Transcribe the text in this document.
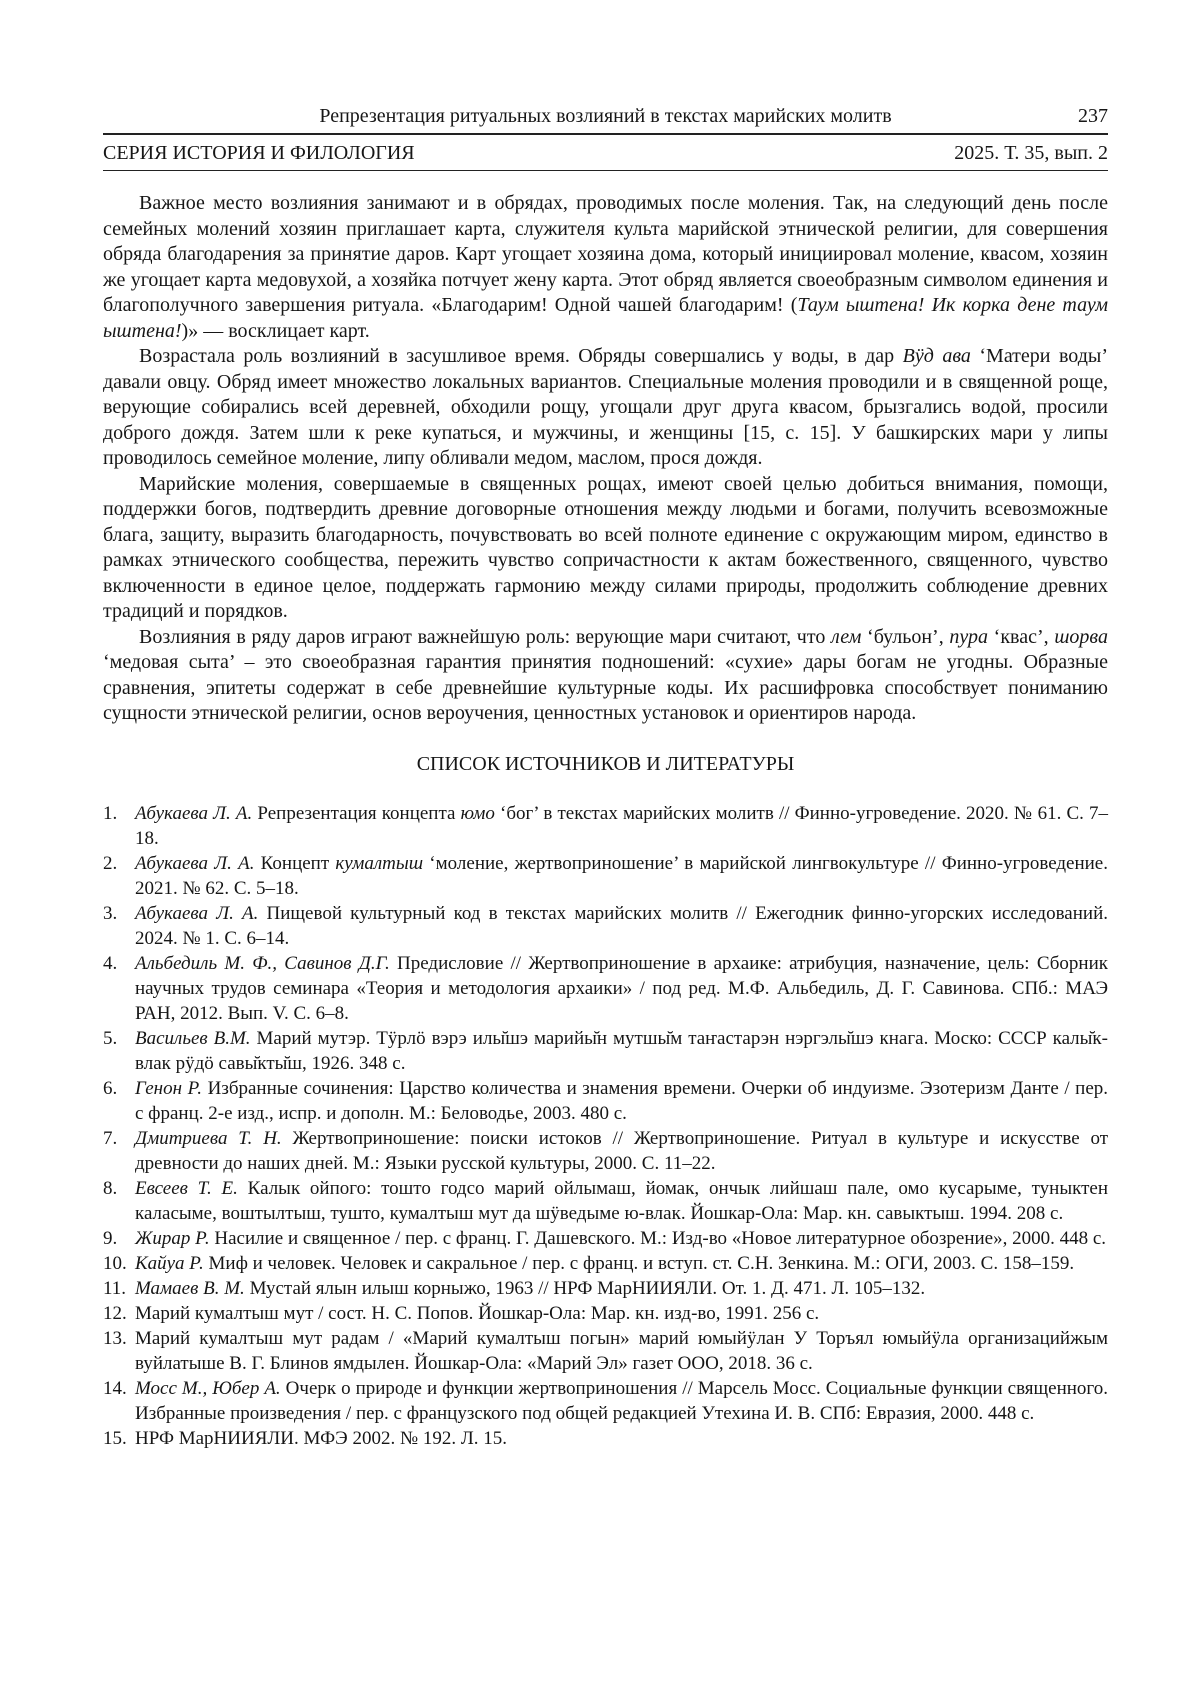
Репрезентация ритуальных возлияний в текстах марийских молитв	237
СЕРИЯ ИСТОРИЯ И ФИЛОЛОГИЯ	2025. Т. 35, вып. 2

Важное место возлияния занимают и в обрядах, проводимых после моления. Так, на следующий день после семейных молений хозяин приглашает карта, служителя культа марийской этнической религии, для совершения обряда благодарения за принятие даров. Карт угощает хозяина дома, который инициировал моление, квасом, хозяин же угощает карта медовухой, а хозяйка потчует жену карта. Этот обряд является своеобразным символом единения и благополучного завершения ритуала. «Благодарим! Одной чашей благодарим! (Таум ыштена! Ик корка дене таум ыштена!)» — восклицает карт.

Возрастала роль возлияний в засушливое время. Обряды совершались у воды, в дар Вӱд ава ‘Матери воды’ давали овцу. Обряд имеет множество локальных вариантов. Специальные моления проводили и в священной роще, верующие собирались всей деревней, обходили рощу, угощали друг друга квасом, брызгались водой, просили доброго дождя. Затем шли к реке купаться, и мужчины, и женщины [15, с. 15]. У башкирских мари у липы проводилось семейное моление, липу обливали медом, маслом, прося дождя.

Марийские моления, совершаемые в священных рощах, имеют своей целью добиться внимания, помощи, поддержки богов, подтвердить древние договорные отношения между людьми и богами, получить всевозможные блага, защиту, выразить благодарность, почувствовать во всей полноте единение с окружающим миром, единство в рамках этнического сообщества, пережить чувство сопричастности к актам божественного, священного, чувство включенности в единое целое, поддержать гармонию между силами природы, продолжить соблюдение древних традиций и порядков.

Возлияния в ряду даров играют важнейшую роль: верующие мари считают, что лем ‘бульон’, пура ‘квас’, шорва ‘медовая сыта’ – это своеобразная гарантия принятия подношений: «сухие» дары богам не угодны. Образные сравнения, эпитеты содержат в себе древнейшие культурные коды. Их расшифровка способствует пониманию сущности этнической религии, основ вероучения, ценностных установок и ориентиров народа.

СПИСОК ИСТОЧНИКОВ И ЛИТЕРАТУРЫ
1. Абукаева Л. А. Репрезентация концепта юмо ‘бог’ в текстах марийских молитв // Финно-угроведение. 2020. № 61. С. 7–18.
2. Абукаева Л. А. Концепт кумалтыш ‘моление, жертвоприношение’ в марийской лингвокультуре // Финно-угроведение. 2021. № 62. С. 5–18.
3. Абукаева Л. А. Пищевой культурный код в текстах марийских молитв // Ежегодник финно-угорских исследований. 2024. № 1. С. 6–14.
4. Альбедиль М. Ф., Савинов Д.Г. Предисловие // Жертвоприношение в архаике: атрибуция, назначение, цель: Сборник научных трудов семинара «Теория и методология архаики» / под ред. М.Ф. Альбедиль, Д. Г. Савинова. СПб.: МАЭ РАН, 2012. Вып. V. С. 6–8.
5. Васильев В.М. Марий мутэр. Тӱрлӧ вэрэ илы̆шэ марийы̆н мутшы̆м таҥастарэн нэргэлы̆шэ кнага. Моско: СССР калы̆к-влак рӱдӧ савы̆кты̆ш, 1926. 348 с.
6. Генон Р. Избранные сочинения: Царство количества и знамения времени. Очерки об индуизме. Эзотеризм Данте / пер. с франц. 2-е изд., испр. и дополн. М.: Беловодье, 2003. 480 с.
7. Дмитриева Т. Н. Жертвоприношение: поиски истоков // Жертвоприношение. Ритуал в культуре и искусстве от древности до наших дней. М.: Языки русской культуры, 2000. С. 11–22.
8. Евсеев Т. Е. Калык ойпого: тошто годсо марий ойлымаш, йомак, ончык лийшаш пале, омо кусарыме, туныктен каласыме, воштылтыш, тушто, кумалтыш мут да шӱведыме ю-влак. Йошкар-Ола: Мар. кн. савыктыш. 1994. 208 с.
9. Жирар Р. Насилие и священное / пер. с франц. Г. Дашевского. М.: Изд-во «Новое литературное обозрение», 2000. 448 с.
10. Кайуа Р. Миф и человек. Человек и сакральное / пер. с франц. и вступ. ст. С.Н. Зенкина. М.: ОГИ, 2003. С. 158–159.
11. Мамаев В. М. Мустай ялын илыш корныжо, 1963 // НРФ МарНИИЯЛИ. От. 1. Д. 471. Л. 105–132.
12. Марий кумалтыш мут / сост. Н. С. Попов. Йошкар-Ола: Мар. кн. изд-во, 1991. 256 с.
13. Марий кумалтыш мут радам / «Марий кумалтыш погын» марий юмыйӱлан У Торъял юмыйӱла организацийжым вуйлатыше В. Г. Блинов ямдылен. Йошкар-Ола: «Марий Эл» газет ООО, 2018. 36 с.
14. Мосс М., Юбер А. Очерк о природе и функции жертвоприношения // Марсель Мосс. Социальные функции священного. Избранные произведения / пер. с французского под общей редакцией Утехина И. В. СПб: Евразия, 2000. 448 с.
15. НРФ МарНИИЯЛИ. МФЭ 2002. № 192. Л. 15.
